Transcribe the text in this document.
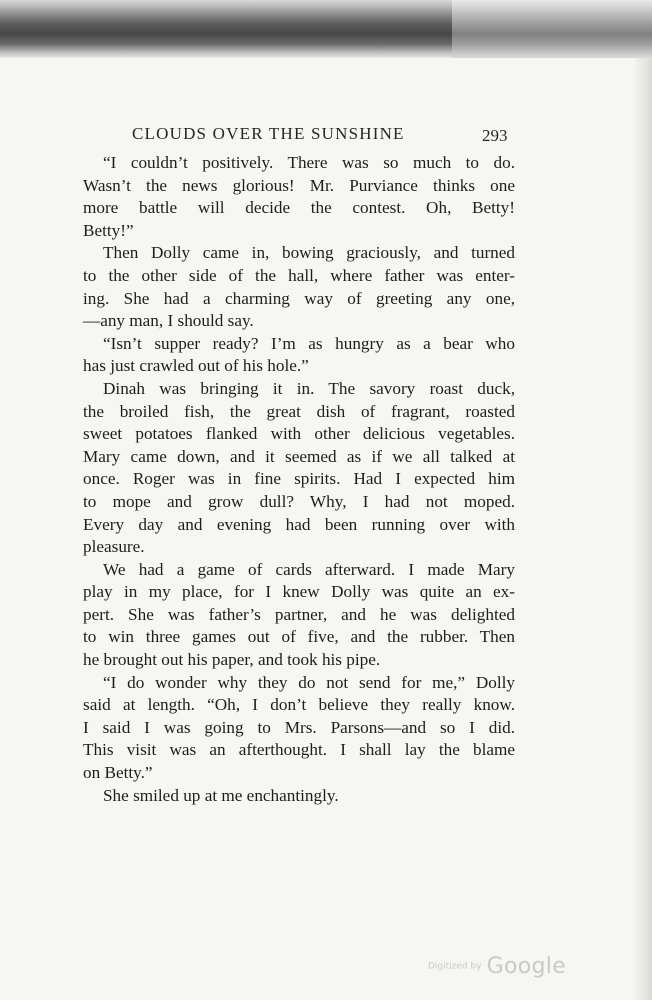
CLOUDS OVER THE SUNSHINE	293
“I couldn’t positively. There was so much to do.
Wasn’t the news glorious! Mr. Purviance thinks one
more battle will decide the contest. Oh, Betty!
Betty!”
Then Dolly came in, bowing graciously, and turned
to the other side of the hall, where father was enter-
ing. She had a charming way of greeting any one,
—any man, I should say.
“Isn’t supper ready? I’m as hungry as a bear who
has just crawled out of his hole.”
Dinah was bringing it in. The savory roast duck,
the broiled fish, the great dish of fragrant, roasted
sweet potatoes flanked with other delicious vegetables.
Mary came down, and it seemed as if we all talked at
once. Roger was in fine spirits. Had I expected him
to mope and grow dull? Why, I had not moped.
Every day and evening had been running over with
pleasure.
We had a game of cards afterward. I made Mary
play in my place, for I knew Dolly was quite an ex-
pert. She was father’s partner, and he was delighted
to win three games out of five, and the rubber. Then
he brought out his paper, and took his pipe.
“I do wonder why they do not send for me,” Dolly
said at length. “Oh, I don’t believe they really know.
I said I was going to Mrs. Parsons—and so I did.
This visit was an afterthought. I shall lay the blame
on Betty.”
She smiled up at me enchantingly.
Digitized by Google
